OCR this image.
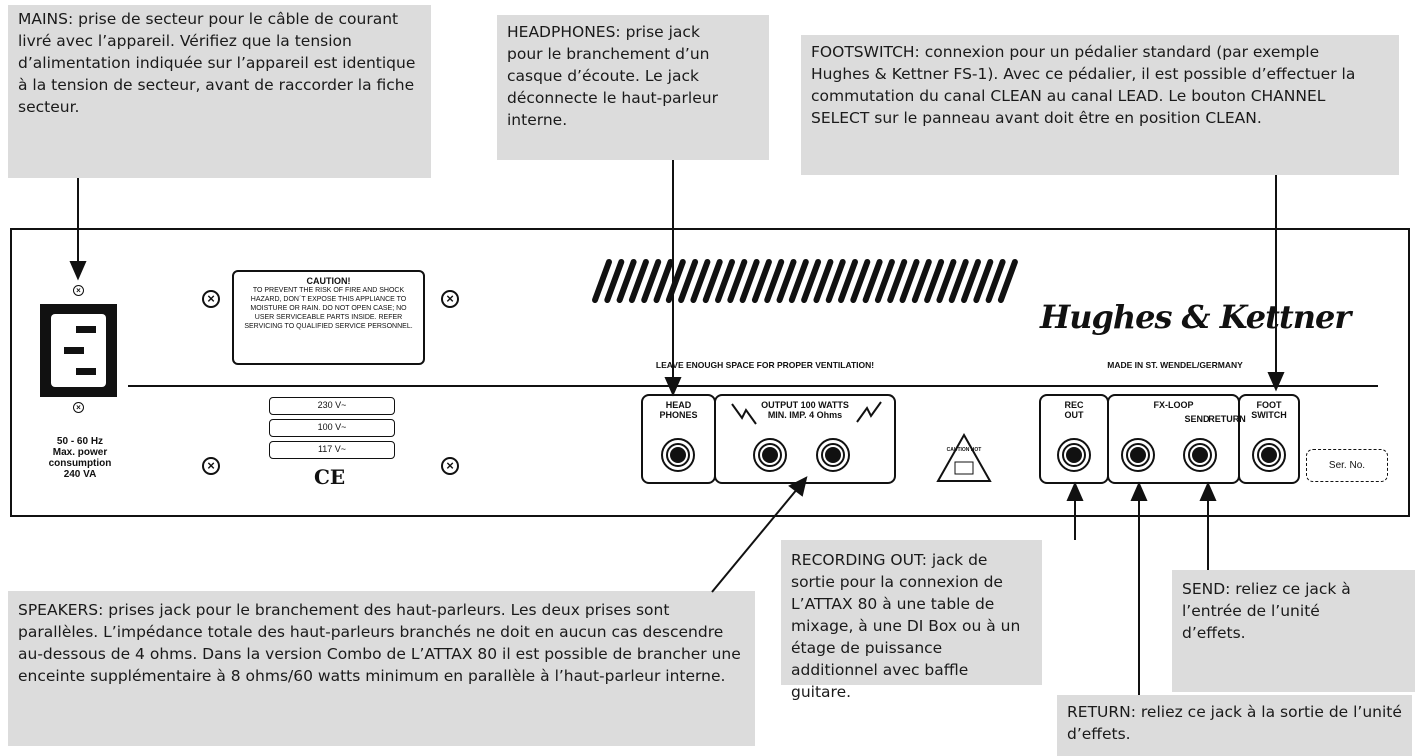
MAINS: prise de secteur pour le câble de courant livré avec l’appareil. Vérifiez que la tension d’alimentation indiquée sur l’appareil est identique à la tension de secteur, avant de raccorder la fiche secteur.
HEADPHONES: prise jack pour le branchement d’un casque d’écoute. Le jack déconnecte le haut-parleur interne.
FOOTSWITCH: connexion pour un pédalier standard (par exemple Hughes & Kettner FS-1). Avec ce pédalier, il est possible d’effectuer la commutation du canal CLEAN au canal LEAD. Le bouton CHANNEL SELECT sur le panneau avant doit être en position CLEAN.
RECORDING OUT: jack de sortie pour la connexion de L’ATTAX 80 à une table de mixage, à une DI Box ou à un étage de puissance additionnel avec baffle guitare.
SEND: reliez ce jack à l’entrée de l’unité d’effets.
SPEAKERS: prises jack pour le branchement des haut-parleurs. Les deux prises sont parallèles. L’impédance totale des haut-parleurs branchés ne doit en aucun cas descendre au-dessous de 4 ohms. Dans la version Combo de L’ATTAX 80 il est possible de brancher une enceinte supplémentaire à 8 ohms/60 watts minimum en parallèle à l’haut-parleur interne.
RETURN: reliez ce jack à la sortie de l’unité d’effets.
×
×
50 - 60 Hz
Max. power
consumption
240 VA
×	×
×	×
CAUTION!
TO PREVENT THE RISK OF FIRE AND SHOCK HAZARD, DON´T EXPOSE THIS APPLIANCE TO MOISTURE OR RAIN. DO NOT OPEN CASE; NO USER SERVICEABLE PARTS INSIDE. REFER SERVICING TO QUALIFIED SERVICE PERSONNEL.
230 V~
100 V~
117 V~
CE
LEAVE ENOUGH SPACE FOR PROPER VENTILATION!
Hughes & Kettner
MADE IN ST. WENDEL/GERMANY
HEAD
PHONES
OUTPUT 100 WATTS
MIN. IMP. 4 Ohms
CAUTION HOT
REC
OUT
FX-LOOP
SEND
RETURN
FOOT
SWITCH
Ser. No.
